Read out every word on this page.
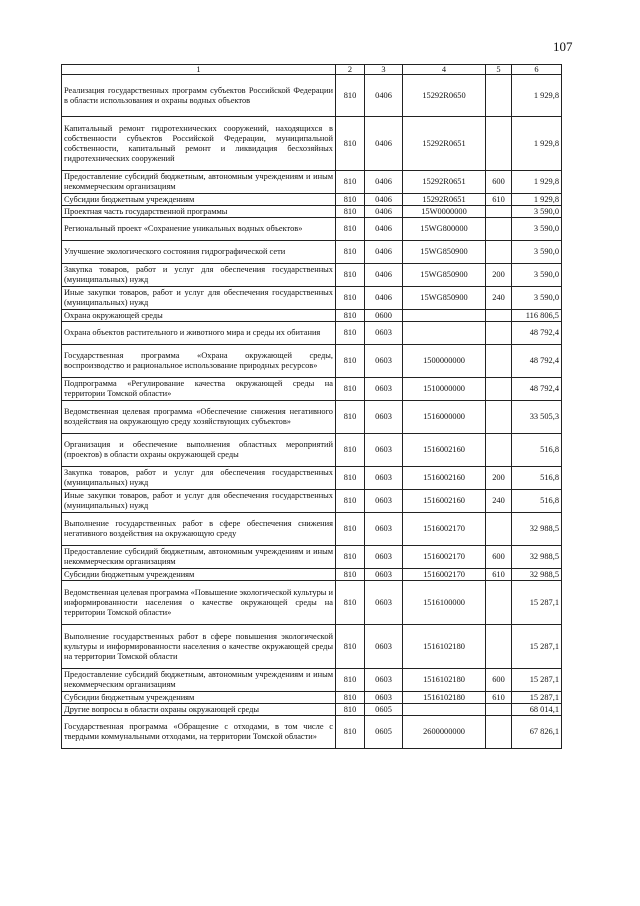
107
1	2	3	4	5	6
Реализация государственных программ субъектов Российской Федерации в области использования и охраны водных объектов	810	0406	15292R0650		1 929,8
Капитальный ремонт гидротехнических сооружений, находящихся в собственности субъектов Российской Федерации, муниципальной собственности, капитальный ремонт и ликвидация бесхозяйных гидротехнических сооружений	810	0406	15292R0651		1 929,8
Предоставление субсидий бюджетным, автономным учреждениям и иным некоммерческим организациям	810	0406	15292R0651	600	1 929,8
Субсидии бюджетным учреждениям	810	0406	15292R0651	610	1 929,8
Проектная часть государственной программы	810	0406	15W0000000		3 590,0
Региональный проект «Сохранение уникальных водных объектов»	810	0406	15WG800000		3 590,0
Улучшение экологического состояния гидрографической сети	810	0406	15WG850900		3 590,0
Закупка товаров, работ и услуг для обеспечения государственных (муниципальных) нужд	810	0406	15WG850900	200	3 590,0
Иные закупки товаров, работ и услуг для обеспечения государственных (муниципальных) нужд	810	0406	15WG850900	240	3 590,0
Охрана окружающей среды	810	0600			116 806,5
Охрана объектов растительного и животного мира и среды их обитания	810	0603			48 792,4
Государственная программа «Охрана окружающей среды, воспроизводство и рациональное использование природных ресурсов»	810	0603	1500000000		48 792,4
Подпрограмма «Регулирование качества окружающей среды на территории Томской области»	810	0603	1510000000		48 792,4
Ведомственная целевая программа «Обеспечение снижения негативного воздействия на окружающую среду хозяйствующих субъектов»	810	0603	1516000000		33 505,3
Организация и обеспечение выполнения областных мероприятий (проектов) в области охраны окружающей среды	810	0603	1516002160		516,8
Закупка товаров, работ и услуг для обеспечения государственных (муниципальных) нужд	810	0603	1516002160	200	516,8
Иные закупки товаров, работ и услуг для обеспечения государственных (муниципальных) нужд	810	0603	1516002160	240	516,8
Выполнение государственных работ в сфере обеспечения снижения негативного воздействия на окружающую среду	810	0603	1516002170		32 988,5
Предоставление субсидий бюджетным, автономным учреждениям и иным некоммерческим организациям	810	0603	1516002170	600	32 988,5
Субсидии бюджетным учреждениям	810	0603	1516002170	610	32 988,5
Ведомственная целевая программа «Повышение экологической культуры и информированности населения о качестве окружающей среды на территории Томской области»	810	0603	1516100000		15 287,1
Выполнение государственных работ в сфере повышения экологической культуры и информированности населения о качестве окружающей среды на территории Томской области	810	0603	1516102180		15 287,1
Предоставление субсидий бюджетным, автономным учреждениям и иным некоммерческим организациям	810	0603	1516102180	600	15 287,1
Субсидии бюджетным учреждениям	810	0603	1516102180	610	15 287,1
Другие вопросы в области охраны окружающей среды	810	0605			68 014,1
Государственная программа «Обращение с отходами, в том числе с твердыми коммунальными отходами, на территории Томской области»	810	0605	2600000000		67 826,1
